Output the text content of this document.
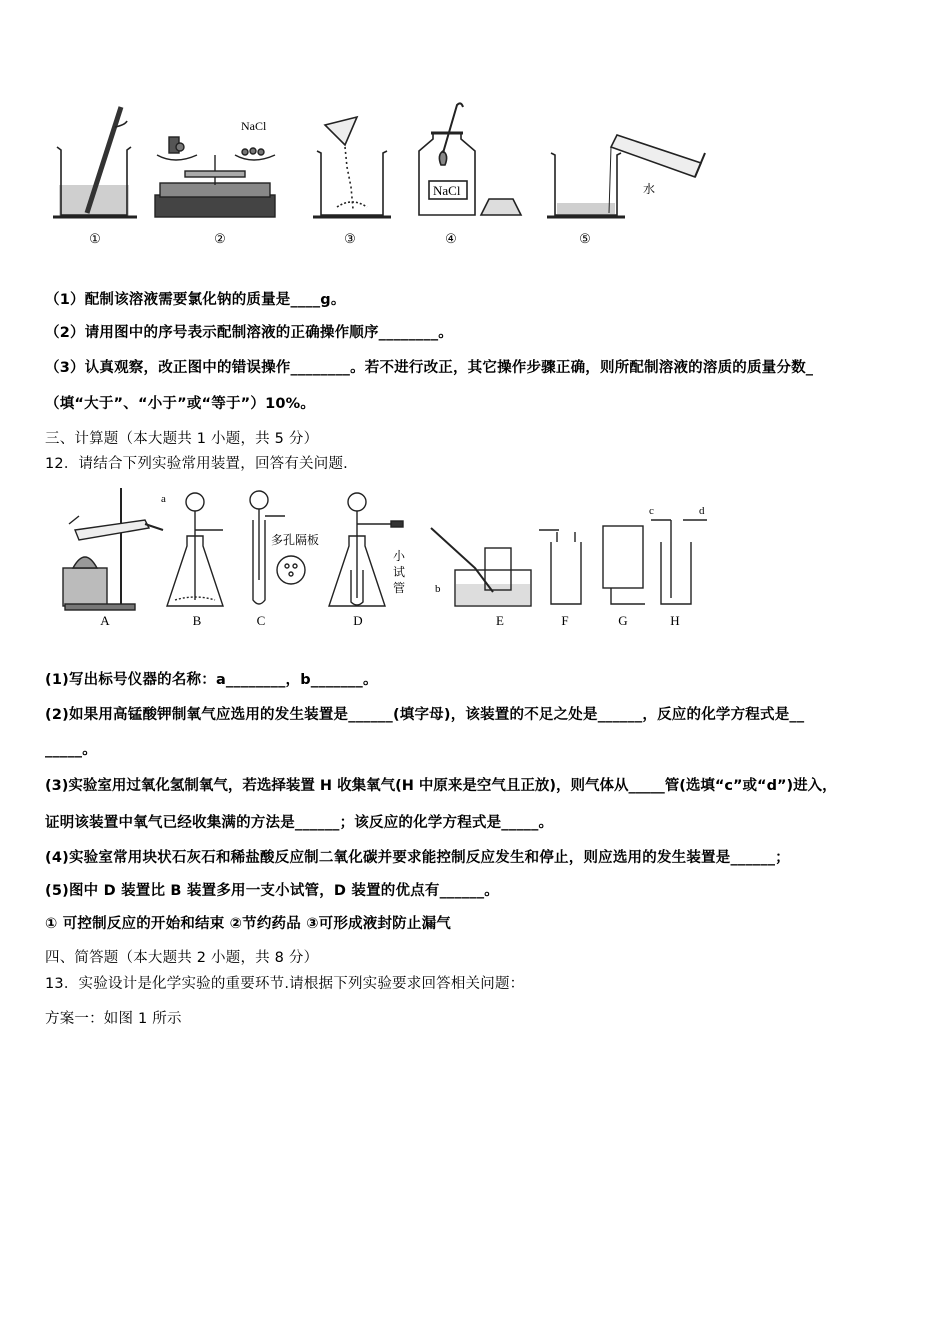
①
NaCl
②	③
NaCl
④
水
⑤
（1）配制该溶液需要氯化钠的质量是____g。
（2）请用图中的序号表示配制溶液的正确操作顺序________。
（3）认真观察，改正图中的错误操作________。若不进行改正，其它操作步骤正确，则所配制溶液的溶质的质量分数_
（填“大于”、“小于”或“等于”）10%。
三、计算题（本大题共 1 小题，共 5 分）
12．请结合下列实验常用装置，回答有关问题.
A
a
B
多孔隔板
C
小
试
管
D
b
E	F	G
c	d
H
(1)写出标号仪器的名称：a________，b_______。
(2)如果用高锰酸钾制氧气应选用的发生装置是______(填字母)，该装置的不足之处是______，反应的化学方程式是__
_____。
(3)实验室用过氧化氢制氧气，若选择装置 H 收集氧气(H 中原来是空气且正放)，则气体从_____管(选填“c”或“d”)进入，
证明该装置中氧气已经收集满的方法是______；该反应的化学方程式是_____。
(4)实验室常用块状石灰石和稀盐酸反应制二氧化碳并要求能控制反应发生和停止，则应选用的发生装置是______；
(5)图中 D 装置比 B 装置多用一支小试管，D 装置的优点有______。
① 可控制反应的开始和结束 ②节约药品 ③可形成液封防止漏气
四、简答题（本大题共 2 小题，共 8 分）
13．实验设计是化学实验的重要环节.请根据下列实验要求回答相关问题：
方案一：如图 1 所示
